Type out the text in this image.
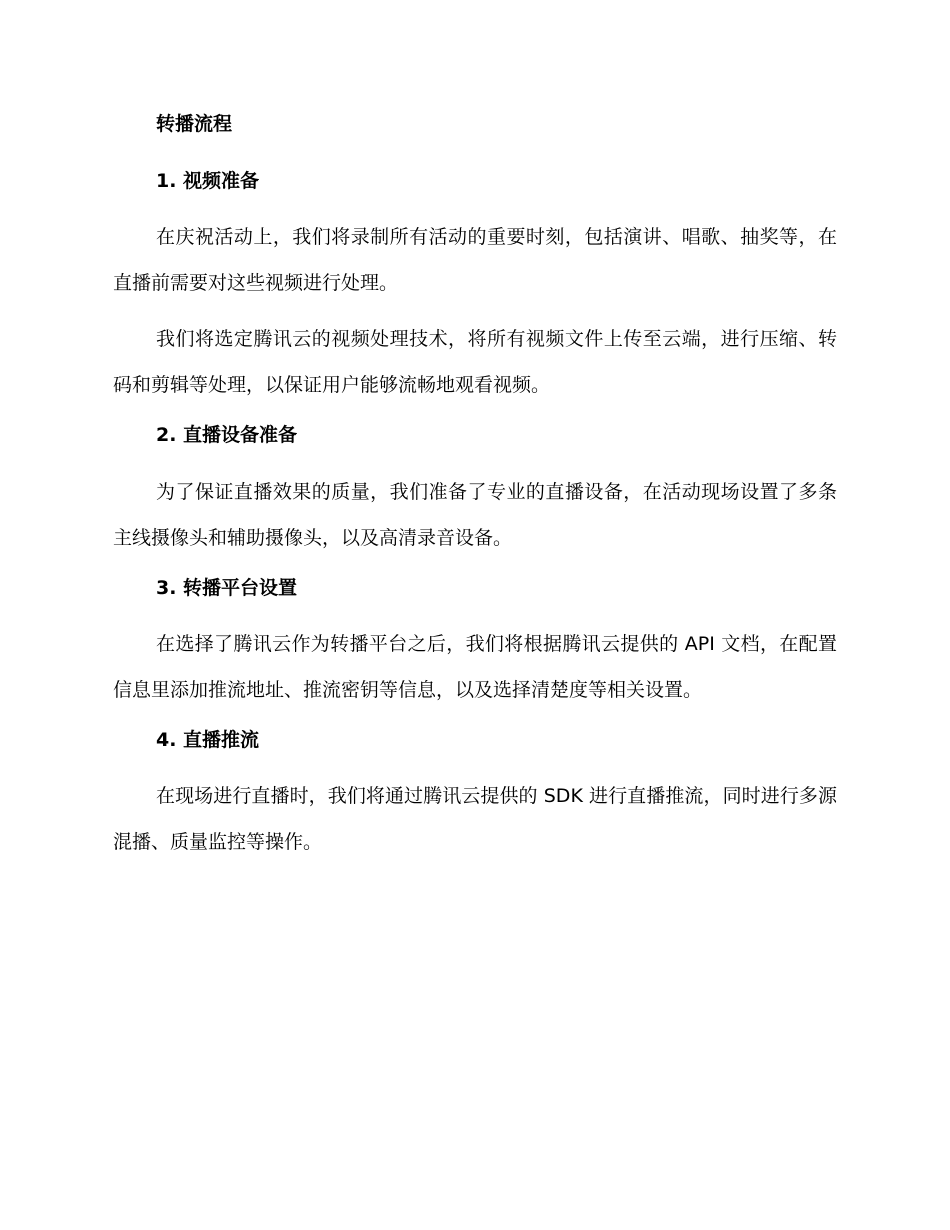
转播流程

1. 视频准备

在庆祝活动上，我们将录制所有活动的重要时刻，包括演讲、唱歌、抽奖等，在直播前需要对这些视频进行处理。

我们将选定腾讯云的视频处理技术，将所有视频文件上传至云端，进行压缩、转码和剪辑等处理，以保证用户能够流畅地观看视频。

2. 直播设备准备

为了保证直播效果的质量，我们准备了专业的直播设备，在活动现场设置了多条主线摄像头和辅助摄像头，以及高清录音设备。

3. 转播平台设置

在选择了腾讯云作为转播平台之后，我们将根据腾讯云提供的 API 文档，在配置信息里添加推流地址、推流密钥等信息，以及选择清楚度等相关设置。

4. 直播推流

在现场进行直播时，我们将通过腾讯云提供的 SDK 进行直播推流，同时进行多源混播、质量监控等操作。
